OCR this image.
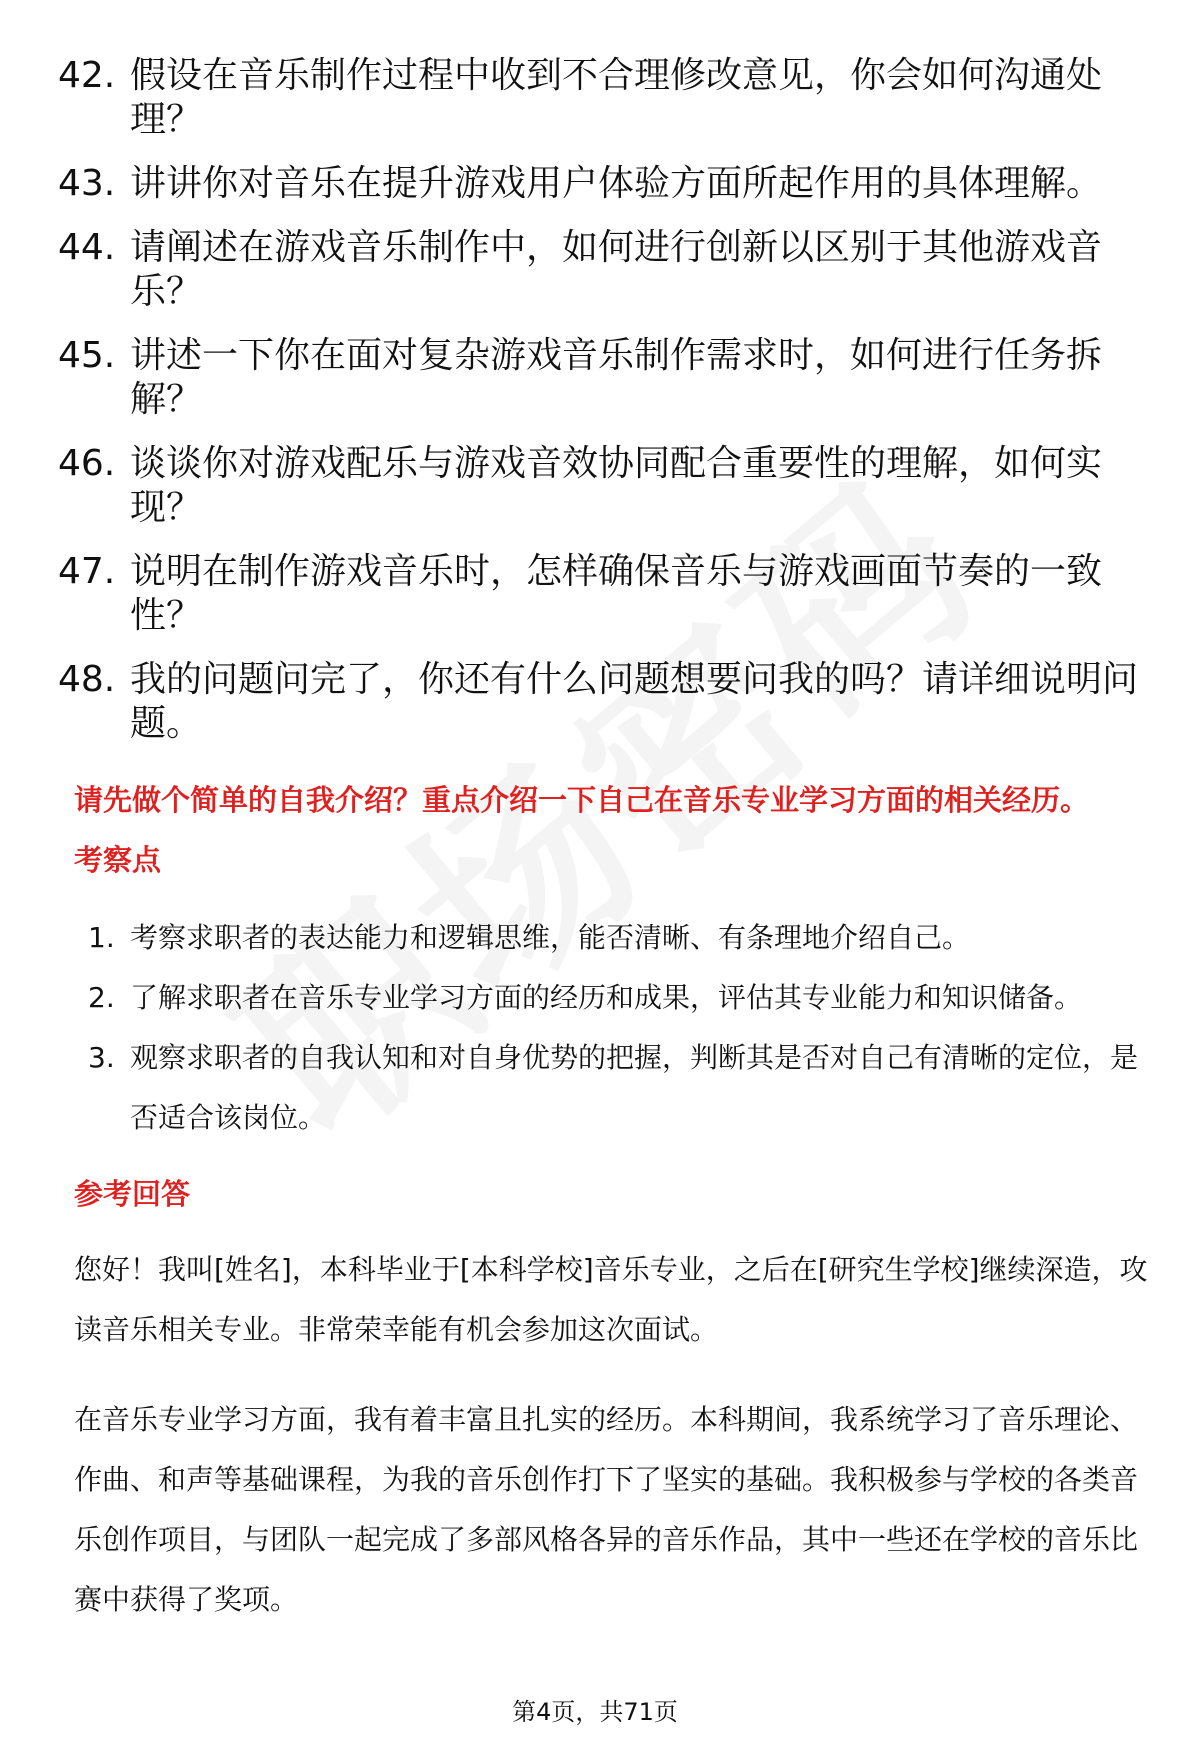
42. 假设在音乐制作过程中收到不合理修改意见，你会如何沟通处理？
43. 讲讲你对音乐在提升游戏用户体验方面所起作用的具体理解。
44. 请阐述在游戏音乐制作中，如何进行创新以区别于其他游戏音乐？
45. 讲述一下你在面对复杂游戏音乐制作需求时，如何进行任务拆解？
46. 谈谈你对游戏配乐与游戏音效协同配合重要性的理解，如何实现？
47. 说明在制作游戏音乐时，怎样确保音乐与游戏画面节奏的一致性？
48. 我的问题问完了，你还有什么问题想要问我的吗？请详细说明问题。
请先做个简单的自我介绍？重点介绍一下自己在音乐专业学习方面的相关经历。
考察点
1. 考察求职者的表达能力和逻辑思维，能否清晰、有条理地介绍自己。
2. 了解求职者在音乐专业学习方面的经历和成果，评估其专业能力和知识储备。
3. 观察求职者的自我认知和对自身优势的把握，判断其是否对自己有清晰的定位，是否适合该岗位。
参考回答

您好！我叫[姓名]，本科毕业于[本科学校]音乐专业，之后在[研究生学校]继续深造，攻读音乐相关专业。非常荣幸能有机会参加这次面试。

在音乐专业学习方面，我有着丰富且扎实的经历。本科期间，我系统学习了音乐理论、作曲、和声等基础课程，为我的音乐创作打下了坚实的基础。我积极参与学校的各类音乐创作项目，与团队一起完成了多部风格各异的音乐作品，其中一些还在学校的音乐比赛中获得了奖项。

第4页，共71页
